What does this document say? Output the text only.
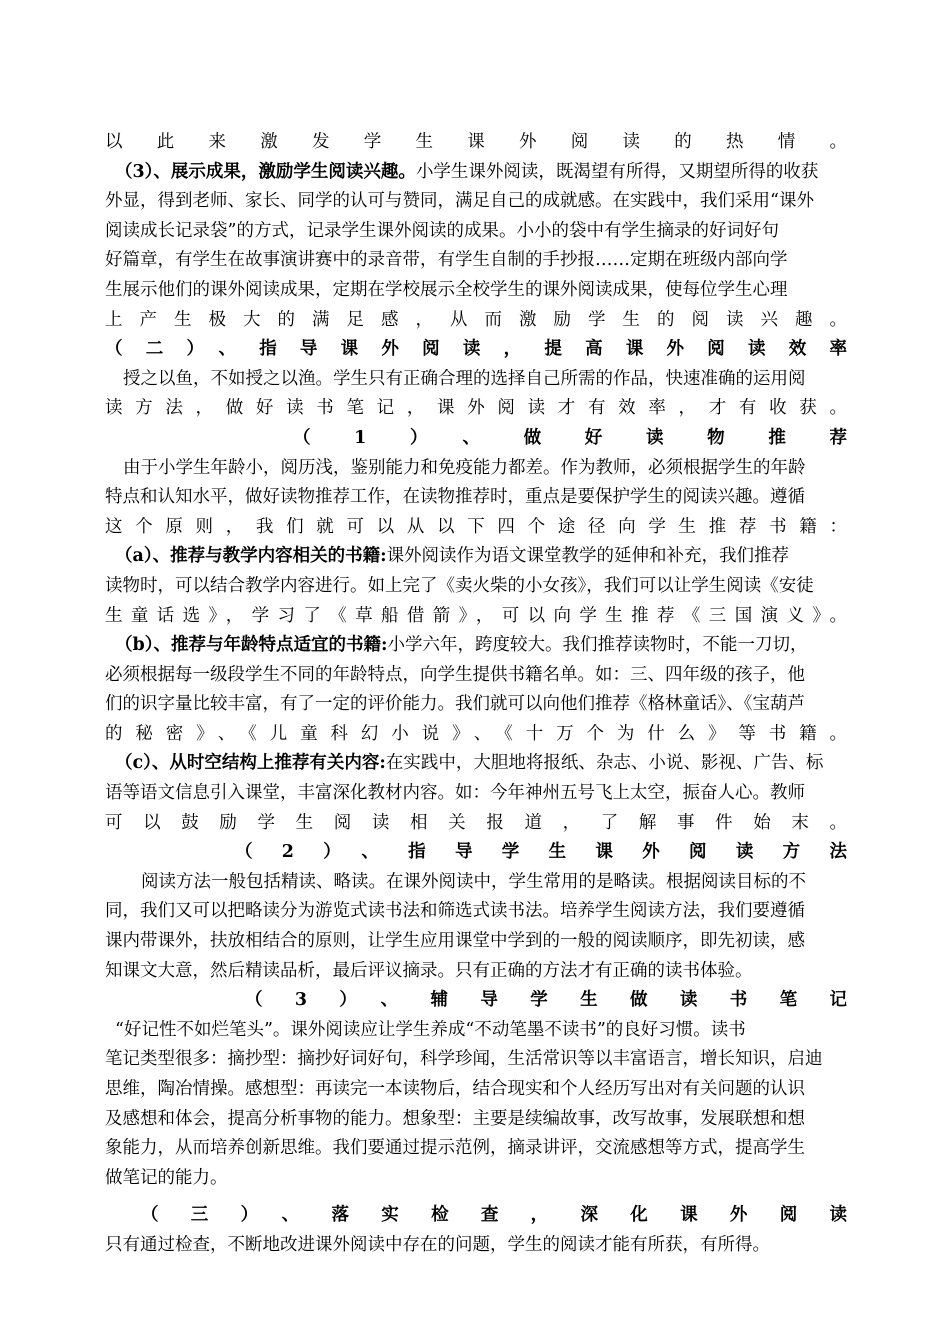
以此来激发学生课外阅读的热情。
（3）、展示成果，激励学生阅读兴趣。小学生课外阅读，既渴望有所得，又期望所得的收获
外显，得到老师、家长、同学的认可与赞同，满足自己的成就感。在实践中，我们采用“课外
阅读成长记录袋”的方式，记录学生课外阅读的成果。小小的袋中有学生摘录的好词好句
好篇章，有学生在故事演讲赛中的录音带，有学生自制的手抄报……定期在班级内部向学
生展示他们的课外阅读成果，定期在学校展示全校学生的课外阅读成果，使每位学生心理
上产生极大的满足感，从而激励学生的阅读兴趣。
（二）、指导课外阅读，提高课外阅读效率
授之以鱼，不如授之以渔。学生只有正确合理的选择自己所需的作品，快速准确的运用阅
读方法，做好读书笔记，课外阅读才有效率，才有收获。
（1）、做好读物推荐
由于小学生年龄小，阅历浅，鉴别能力和免疫能力都差。作为教师，必须根据学生的年龄
特点和认知水平，做好读物推荐工作，在读物推荐时，重点是要保护学生的阅读兴趣。遵循
这个原则，我们就可以从以下四个途径向学生推荐书籍：
（a）、推荐与教学内容相关的书籍:课外阅读作为语文课堂教学的延伸和补充，我们推荐
读物时，可以结合教学内容进行。如上完了《卖火柴的小女孩》，我们可以让学生阅读《安徒
生童话选》，学习了《草船借箭》，可以向学生推荐《三国演义》。
（b）、推荐与年龄特点适宜的书籍:小学六年，跨度较大。我们推荐读物时，不能一刀切，
必须根据每一级段学生不同的年龄特点，向学生提供书籍名单。如：三、四年级的孩子，他
们的识字量比较丰富，有了一定的评价能力。我们就可以向他们推荐《格林童话》、《宝葫芦
的秘密》、《儿童科幻小说》、《十万个为什么》等书籍。
（c）、从时空结构上推荐有关内容:在实践中，大胆地将报纸、杂志、小说、影视、广告、标
语等语文信息引入课堂，丰富深化教材内容。如：今年神州五号飞上太空，振奋人心。教师
可以鼓励学生阅读相关报道，了解事件始末。
（2）、指导学生课外阅读方法
阅读方法一般包括精读、略读。在课外阅读中，学生常用的是略读。根据阅读目标的不
同，我们又可以把略读分为游览式读书法和筛选式读书法。培养学生阅读方法，我们要遵循
课内带课外，扶放相结合的原则，让学生应用课堂中学到的一般的阅读顺序，即先初读，感
知课文大意，然后精读品析，最后评议摘录。只有正确的方法才有正确的读书体验。
（3）、辅导学生做读书笔记
“好记性不如烂笔头”。课外阅读应让学生养成“不动笔墨不读书”的良好习惯。读书
笔记类型很多：摘抄型：摘抄好词好句，科学珍闻，生活常识等以丰富语言，增长知识，启迪
思维，陶冶情操。感想型：再读完一本读物后，结合现实和个人经历写出对有关问题的认识
及感想和体会，提高分析事物的能力。想象型：主要是续编故事，改写故事，发展联想和想
象能力，从而培养创新思维。我们要通过提示范例，摘录讲评，交流感想等方式，提高学生
做笔记的能力。
（三）、落实检查，深化课外阅读
只有通过检查，不断地改进课外阅读中存在的问题，学生的阅读才能有所获，有所得。
